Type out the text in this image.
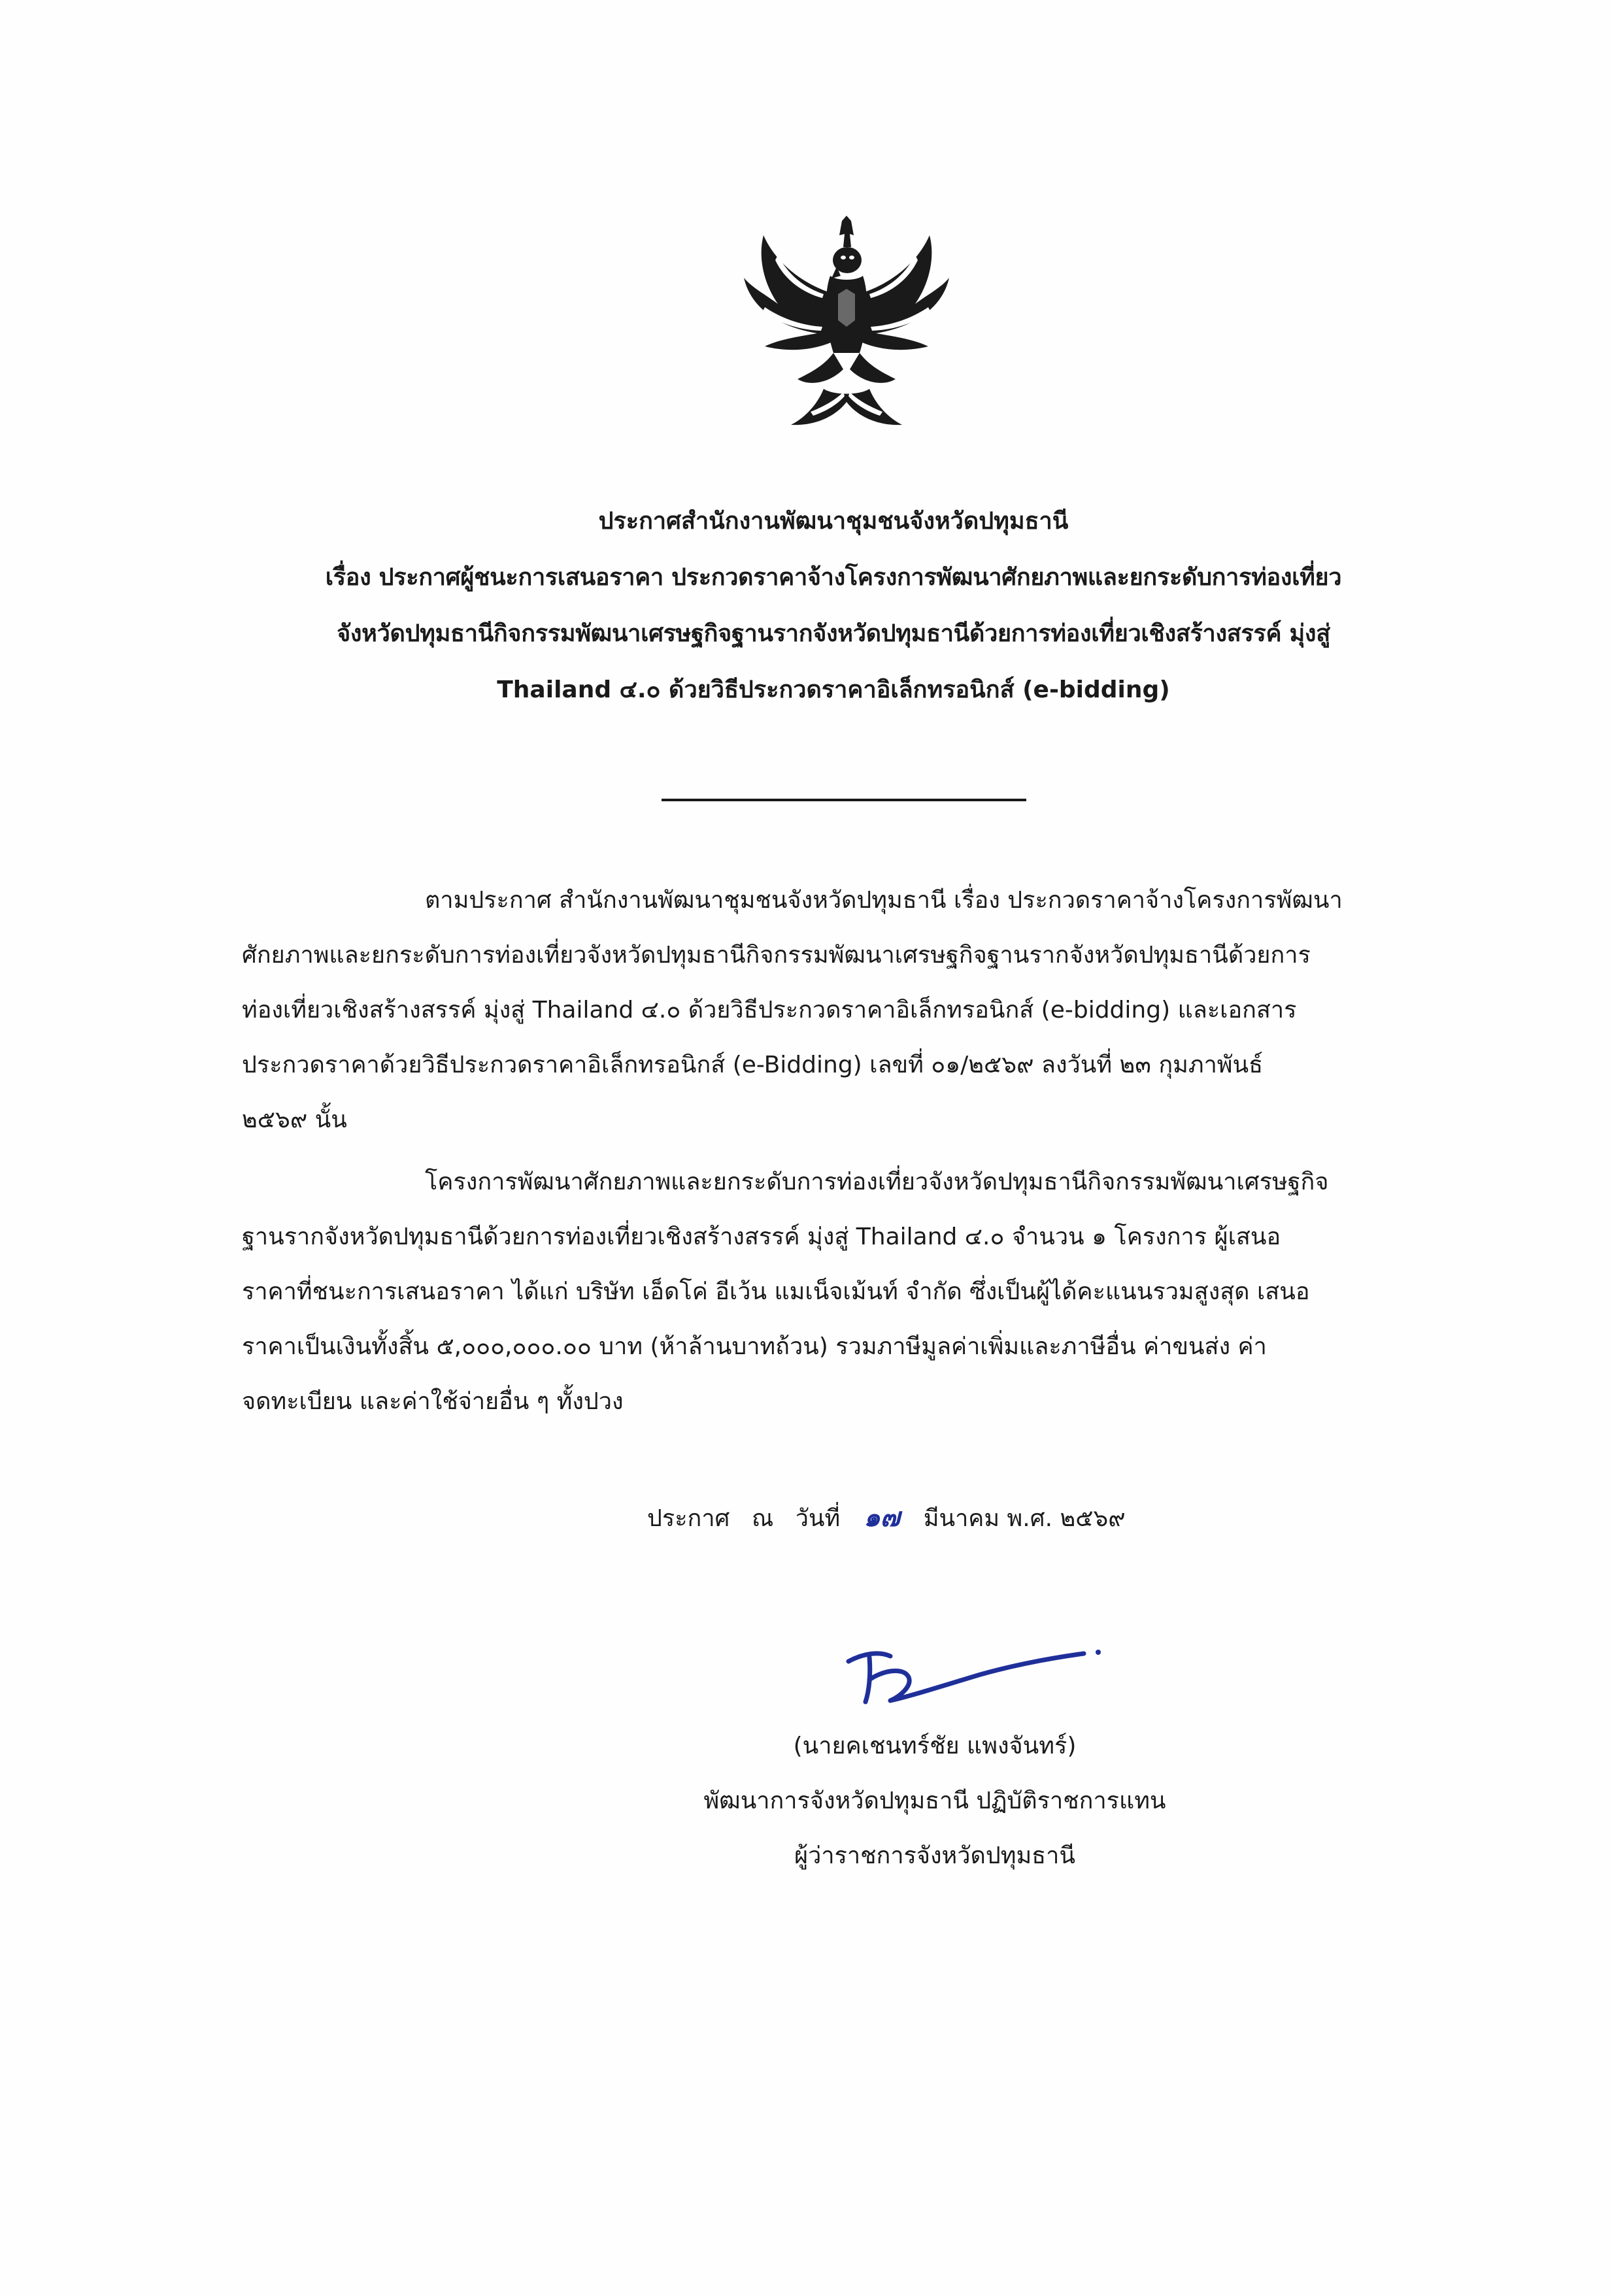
ประกาศสำนักงานพัฒนาชุมชนจังหวัดปทุมธานี
เรื่อง ประกาศผู้ชนะการเสนอราคา ประกวดราคาจ้างโครงการพัฒนาศักยภาพและยกระดับการท่องเที่ยว
จังหวัดปทุมธานีกิจกรรมพัฒนาเศรษฐกิจฐานรากจังหวัดปทุมธานีด้วยการท่องเที่ยวเชิงสร้างสรรค์ มุ่งสู่
Thailand ๔.๐ ด้วยวิธีประกวดราคาอิเล็กทรอนิกส์ (e-bidding)
ตามประกาศ สำนักงานพัฒนาชุมชนจังหวัดปทุมธานี เรื่อง ประกวดราคาจ้างโครงการพัฒนา
ศักยภาพและยกระดับการท่องเที่ยวจังหวัดปทุมธานีกิจกรรมพัฒนาเศรษฐกิจฐานรากจังหวัดปทุมธานีด้วยการ
ท่องเที่ยวเชิงสร้างสรรค์ มุ่งสู่ Thailand ๔.๐ ด้วยวิธีประกวดราคาอิเล็กทรอนิกส์ (e-bidding) และเอกสาร
ประกวดราคาด้วยวิธีประกวดราคาอิเล็กทรอนิกส์ (e-Bidding) เลขที่ ๐๑/๒๕๖๙ ลงวันที่ ๒๓ กุมภาพันธ์
๒๕๖๙ นั้น
โครงการพัฒนาศักยภาพและยกระดับการท่องเที่ยวจังหวัดปทุมธานีกิจกรรมพัฒนาเศรษฐกิจ
ฐานรากจังหวัดปทุมธานีด้วยการท่องเที่ยวเชิงสร้างสรรค์ มุ่งสู่ Thailand ๔.๐ จำนวน ๑ โครงการ ผู้เสนอ
ราคาที่ชนะการเสนอราคา ได้แก่ บริษัท เอ็ดโค่ อีเว้น แมเน็จเม้นท์ จำกัด ซึ่งเป็นผู้ได้คะแนนรวมสูงสุด เสนอ
ราคาเป็นเงินทั้งสิ้น ๕,๐๐๐,๐๐๐.๐๐ บาท (ห้าล้านบาทถ้วน) รวมภาษีมูลค่าเพิ่มและภาษีอื่น ค่าขนส่ง ค่า
จดทะเบียน และค่าใช้จ่ายอื่น ๆ ทั้งปวง
ประกาศ ณ วันที่ ๑๗ มีนาคม พ.ศ. ๒๕๖๙
(นายคเชนทร์ชัย แพงจันทร์)
พัฒนาการจังหวัดปทุมธานี ปฏิบัติราชการแทน
ผู้ว่าราชการจังหวัดปทุมธานี
